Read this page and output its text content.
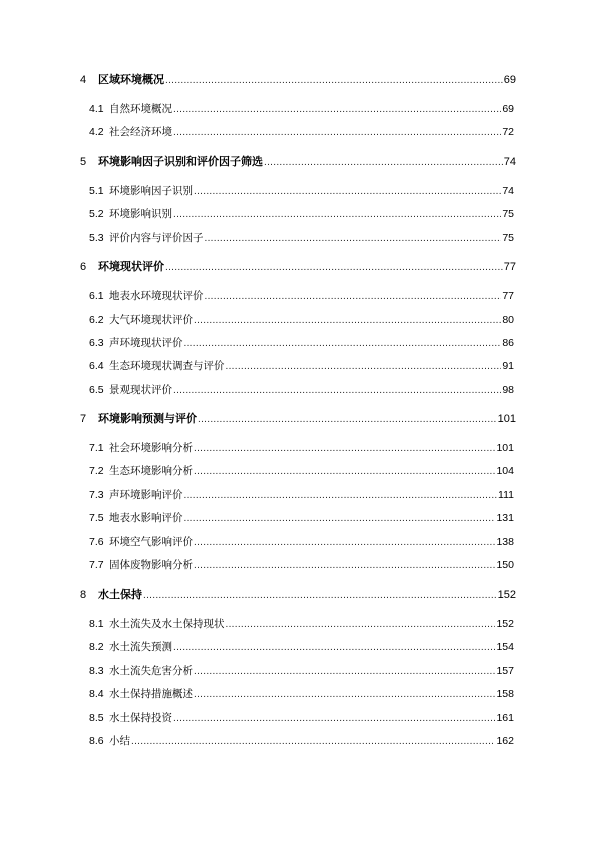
4	区域环境概况 .....	69
4.1 自然环境概况 .....	69
4.2 社会经济环境 .....	72
5	环境影响因子识别和评价因子筛选 .....	74
5.1 环境影响因子识别 .....	74
5.2 环境影响识别 .....	75
5.3 评价内容与评价因子 .....	75
6	环境现状评价 .....	77
6.1 地表水环境现状评价 .....	77
6.2 大气环境现状评价 .....	80
6.3 声环境现状评价 .....	86
6.4 生态环境现状调查与评价 .....	91
6.5 景观现状评价 .....	98
7	环境影响预测与评价 .....	101
7.1 社会环境影响分析 .....	101
7.2 生态环境影响分析 .....	104
7.3 声环境影响评价 .....	111
7.5 地表水影响评价 .....	131
7.6 环境空气影响评价 .....	138
7.7 固体废物影响分析 .....	150
8	水土保持 .....	152
8.1 水土流失及水土保持现状 .....	152
8.2 水土流失预测 .....	154
8.3 水土流失危害分析 .....	157
8.4 水土保持措施概述 .....	158
8.5 水土保持投资 .....	161
8.6 小结 .....	162
